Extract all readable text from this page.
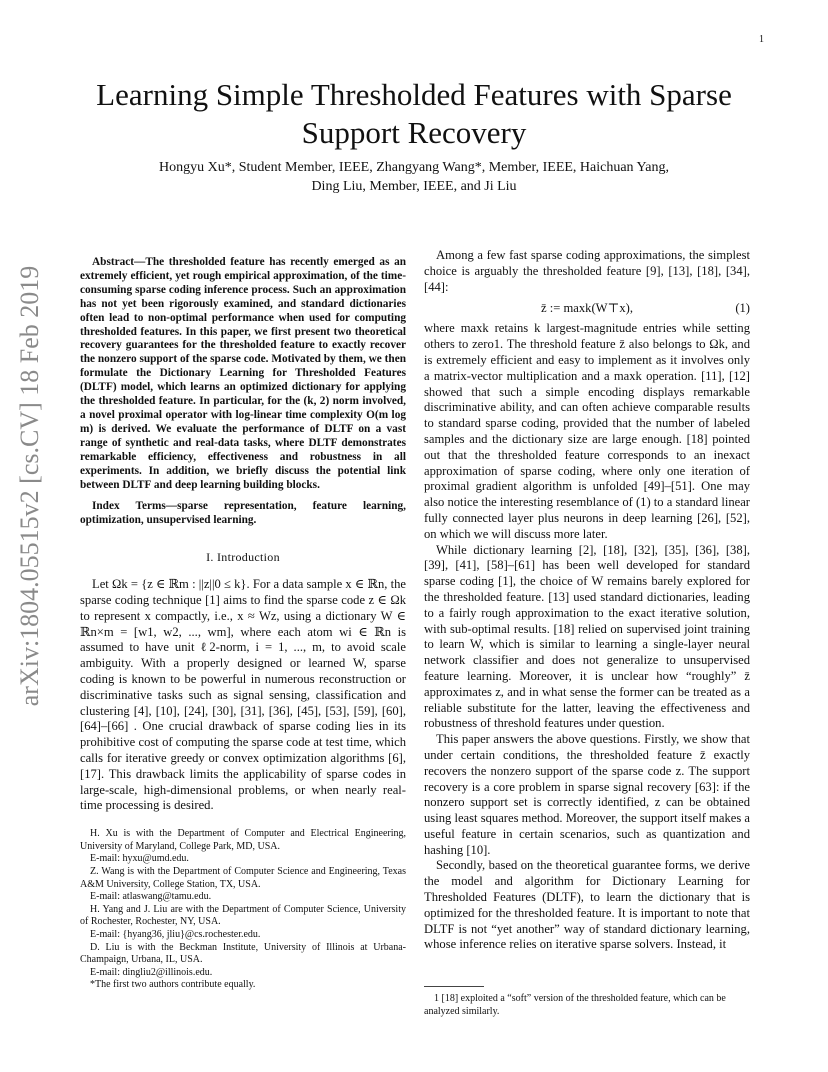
1
arXiv:1804.05515v2 [cs.CV] 18 Feb 2019
Learning Simple Thresholded Features with Sparse Support Recovery
Hongyu Xu*, Student Member, IEEE, Zhangyang Wang*, Member, IEEE, Haichuan Yang,
Ding Liu, Member, IEEE, and Ji Liu

Abstract—The thresholded feature has recently emerged as an extremely efficient, yet rough empirical approximation, of the time-consuming sparse coding inference process. Such an approximation has not yet been rigorously examined, and standard dictionaries often lead to non-optimal performance when used for computing thresholded features. In this paper, we first present two theoretical recovery guarantees for the thresholded feature to exactly recover the nonzero support of the sparse code. Motivated by them, we then formulate the Dictionary Learning for Thresholded Features (DLTF) model, which learns an optimized dictionary for applying the thresholded feature. In particular, for the (k, 2) norm involved, a novel proximal operator with log-linear time complexity O(m log m) is derived. We evaluate the performance of DLTF on a vast range of synthetic and real-data tasks, where DLTF demonstrates remarkable efficiency, effectiveness and robustness in all experiments. In addition, we briefly discuss the potential link between DLTF and deep learning building blocks.

Index Terms—sparse representation, feature learning, optimization, unsupervised learning.

I. Introduction

Let Ωk = {z ∈ ℝm : ||z||0 ≤ k}. For a data sample x ∈ ℝn, the sparse coding technique [1] aims to find the sparse code z ∈ Ωk to represent x compactly, i.e., x ≈ Wz, using a dictionary W ∈ ℝn×m = [w1, w2, ..., wm], where each atom wi ∈ ℝn is assumed to have unit ℓ2-norm, i = 1, ..., m, to avoid scale ambiguity. With a properly designed or learned W, sparse coding is known to be powerful in numerous reconstruction or discriminative tasks such as signal sensing, classification and clustering [4], [10], [24], [30], [31], [36], [45], [53], [59], [60], [64]–[66] . One crucial drawback of sparse coding lies in its prohibitive cost of computing the sparse code at test time, which calls for iterative greedy or convex optimization algorithms [6], [17]. This drawback limits the applicability of sparse codes in large-scale, high-dimensional problems, or when nearly real-time processing is desired.

H. Xu is with the Department of Computer and Electrical Engineering, University of Maryland, College Park, MD, USA.

E-mail: hyxu@umd.edu.

Z. Wang is with the Department of Computer Science and Engineering, Texas A&M University, College Station, TX, USA.

E-mail: atlaswang@tamu.edu.

H. Yang and J. Liu are with the Department of Computer Science, University of Rochester, Rochester, NY, USA.

E-mail: {hyang36, jliu}@cs.rochester.edu.

D. Liu is with the Beckman Institute, University of Illinois at Urbana-Champaign, Urbana, IL, USA.

E-mail: dingliu2@illinois.edu.

*The first two authors contribute equally.

Among a few fast sparse coding approximations, the simplest choice is arguably the thresholded feature [9], [13], [18], [34], [44]:

z̄ := maxk(W⊤x),	(1)

where maxk retains k largest-magnitude entries while setting others to zero1. The threshold feature z̄ also belongs to Ωk, and is extremely efficient and easy to implement as it involves only a matrix-vector multiplication and a maxk operation. [11], [12] showed that such a simple encoding displays remarkable discriminative ability, and can often achieve comparable results to standard sparse coding, provided that the number of labeled samples and the dictionary size are large enough. [18] pointed out that the thresholded feature corresponds to an inexact approximation of sparse coding, where only one iteration of proximal gradient algorithm is unfolded [49]–[51]. One may also notice the interesting resemblance of (1) to a standard linear fully connected layer plus neurons in deep learning [26], [52], on which we will discuss more later.

While dictionary learning [2], [18], [32], [35], [36], [38], [39], [41], [58]–[61] has been well developed for standard sparse coding [1], the choice of W remains barely explored for the thresholded feature. [13] used standard dictionaries, leading to a fairly rough approximation to the exact iterative solution, with sub-optimal results. [18] relied on supervised joint training to learn W, which is similar to learning a single-layer neural network classifier and does not generalize to unsupervised feature learning. Moreover, it is unclear how “roughly” z̄ approximates z, and in what sense the former can be treated as a reliable substitute for the latter, leaving the effectiveness and robustness of threshold features under question.

This paper answers the above questions. Firstly, we show that under certain conditions, the thresholded feature z̄ exactly recovers the nonzero support of the sparse code z. The support recovery is a core problem in sparse signal recovery [63]: if the nonzero support set is correctly identified, z can be obtained using least squares method. Moreover, the support itself makes a useful feature in certain scenarios, such as quantization and hashing [10].

Secondly, based on the theoretical guarantee forms, we derive the model and algorithm for Dictionary Learning for Thresholded Features (DLTF), to learn the dictionary that is optimized for the thresholded feature. It is important to note that DLTF is not “yet another” way of standard dictionary learning, whose inference relies on iterative sparse solvers. Instead, it

1 [18] exploited a “soft” version of the thresholded feature, which can be analyzed similarly.
